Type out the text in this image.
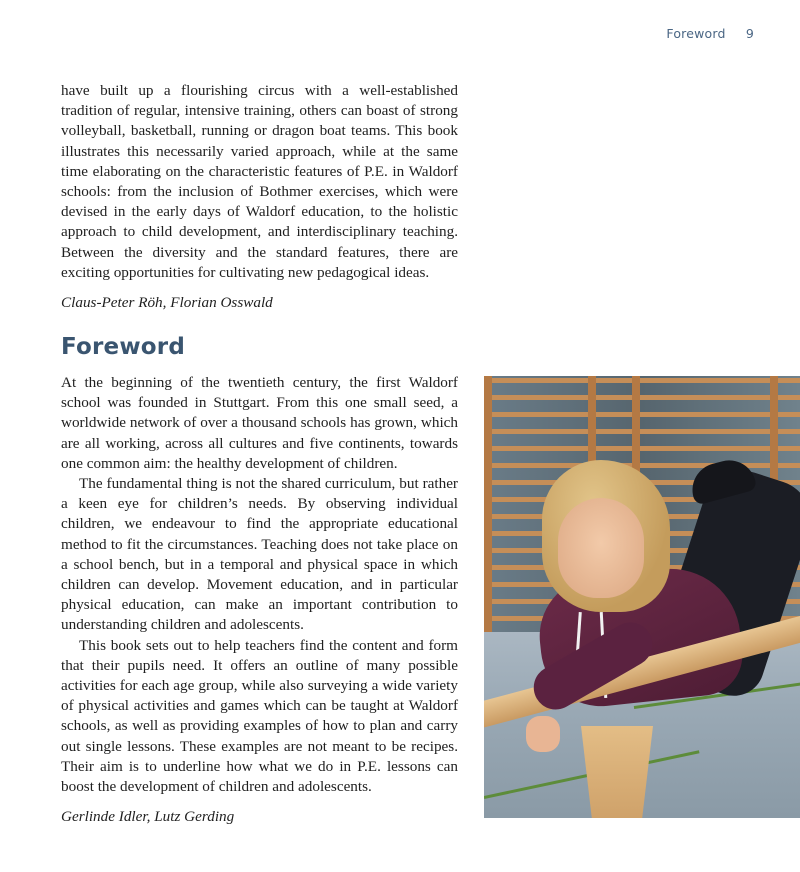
Foreword 9

have built up a flourishing circus with a well-established tradition of regular, intensive training, others can boast of strong volleyball, basketball, running or dragon boat teams. This book illustrates this necessarily varied approach, while at the same time elaborating on the characteristic features of P.E. in Waldorf schools: from the inclusion of Bothmer exercises, which were devised in the early days of Waldorf education, to the holistic approach to child development, and interdisciplinary teaching. Between the diversity and the standard features, there are exciting opportunities for cultivating new pedagogical ideas.

Claus-Peter Röh, Florian Osswald
Foreword

At the beginning of the twentieth century, the first Waldorf school was founded in Stuttgart. From this one small seed, a worldwide network of over a thousand schools has grown, which are all working, across all cultures and five continents, towards one common aim: the healthy development of children.

The fundamental thing is not the shared curriculum, but rather a keen eye for children’s needs. By observing individual children, we endeavour to find the appropriate educational method to fit the circumstances. Teaching does not take place on a school bench, but in a temporal and physical space in which children can develop. Movement education, and in particular physical education, can make an important contribution to understanding children and adolescents.

This book sets out to help teachers find the content and form that their pupils need. It offers an outline of many possible activities for each age group, while also surveying a wide variety of physical activities and games which can be taught at Waldorf schools, as well as providing examples of how to plan and carry out single lessons. These examples are not meant to be recipes. Their aim is to underline how what we do in P.E. lessons can boost the development of children and adolescents.

Gerlinde Idler, Lutz Gerding
